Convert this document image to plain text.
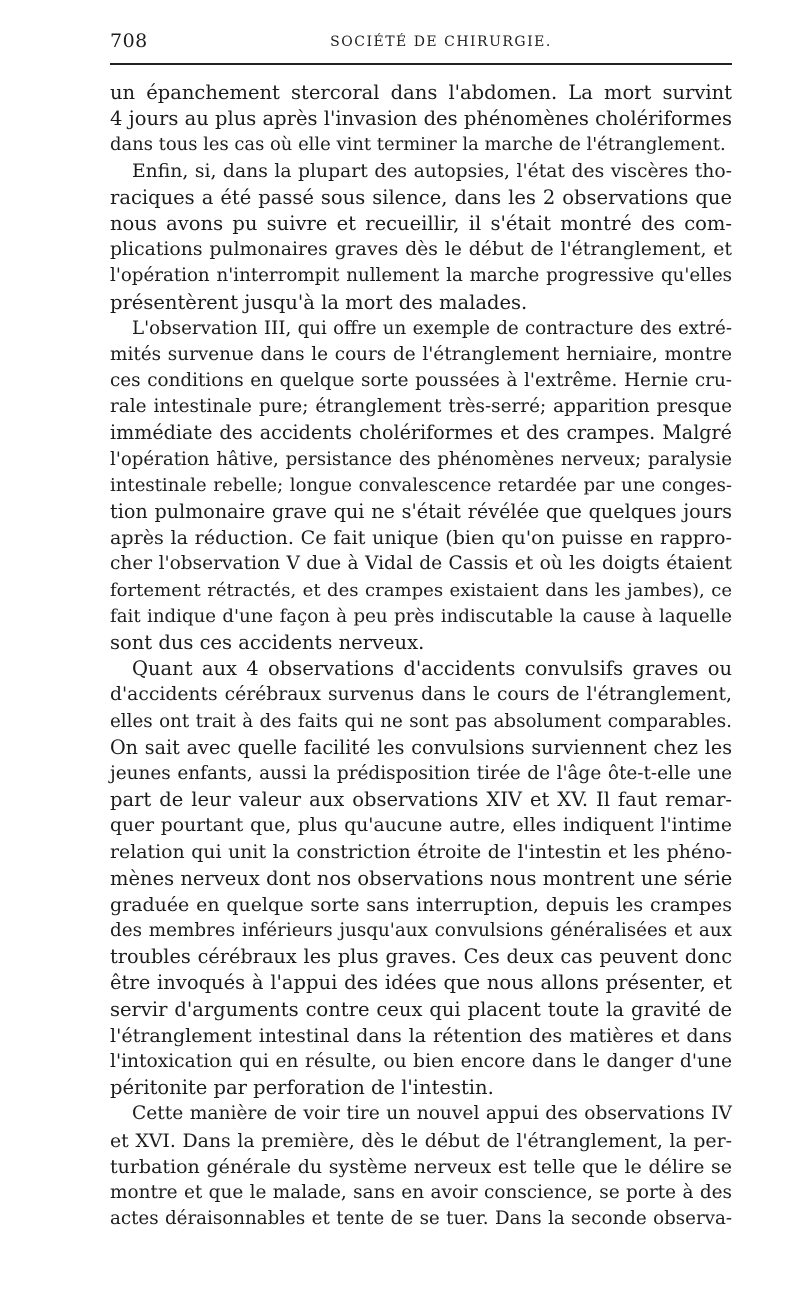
708	SOCIÉTÉ DE CHIRURGIE.
un épanchement stercoral dans l'abdomen. La mort survint
4 jours au plus après l'invasion des phénomènes cholériformes
dans tous les cas où elle vint terminer la marche de l'étranglement.
Enfin, si, dans la plupart des autopsies, l'état des viscères tho-
raciques a été passé sous silence, dans les 2 observations que
nous avons pu suivre et recueillir, il s'était montré des com-
plications pulmonaires graves dès le début de l'étranglement, et
l'opération n'interrompit nullement la marche progressive qu'elles
présentèrent jusqu'à la mort des malades.
L'observation III, qui offre un exemple de contracture des extré-
mités survenue dans le cours de l'étranglement herniaire, montre
ces conditions en quelque sorte poussées à l'extrême. Hernie cru-
rale intestinale pure; étranglement très-serré; apparition presque
immédiate des accidents cholériformes et des crampes. Malgré
l'opération hâtive, persistance des phénomènes nerveux; paralysie
intestinale rebelle; longue convalescence retardée par une conges-
tion pulmonaire grave qui ne s'était révélée que quelques jours
après la réduction. Ce fait unique (bien qu'on puisse en rappro-
cher l'observation V due à Vidal de Cassis et où les doigts étaient
fortement rétractés, et des crampes existaient dans les jambes), ce
fait indique d'une façon à peu près indiscutable la cause à laquelle
sont dus ces accidents nerveux.
Quant aux 4 observations d'accidents convulsifs graves ou
d'accidents cérébraux survenus dans le cours de l'étranglement,
elles ont trait à des faits qui ne sont pas absolument comparables.
On sait avec quelle facilité les convulsions surviennent chez les
jeunes enfants, aussi la prédisposition tirée de l'âge ôte-t-elle une
part de leur valeur aux observations XIV et XV. Il faut remar-
quer pourtant que, plus qu'aucune autre, elles indiquent l'intime
relation qui unit la constriction étroite de l'intestin et les phéno-
mènes nerveux dont nos observations nous montrent une série
graduée en quelque sorte sans interruption, depuis les crampes
des membres inférieurs jusqu'aux convulsions généralisées et aux
troubles cérébraux les plus graves. Ces deux cas peuvent donc
être invoqués à l'appui des idées que nous allons présenter, et
servir d'arguments contre ceux qui placent toute la gravité de
l'étranglement intestinal dans la rétention des matières et dans
l'intoxication qui en résulte, ou bien encore dans le danger d'une
péritonite par perforation de l'intestin.
Cette manière de voir tire un nouvel appui des observations IV
et XVI. Dans la première, dès le début de l'étranglement, la per-
turbation générale du système nerveux est telle que le délire se
montre et que le malade, sans en avoir conscience, se porte à des
actes déraisonnables et tente de se tuer. Dans la seconde observa-
